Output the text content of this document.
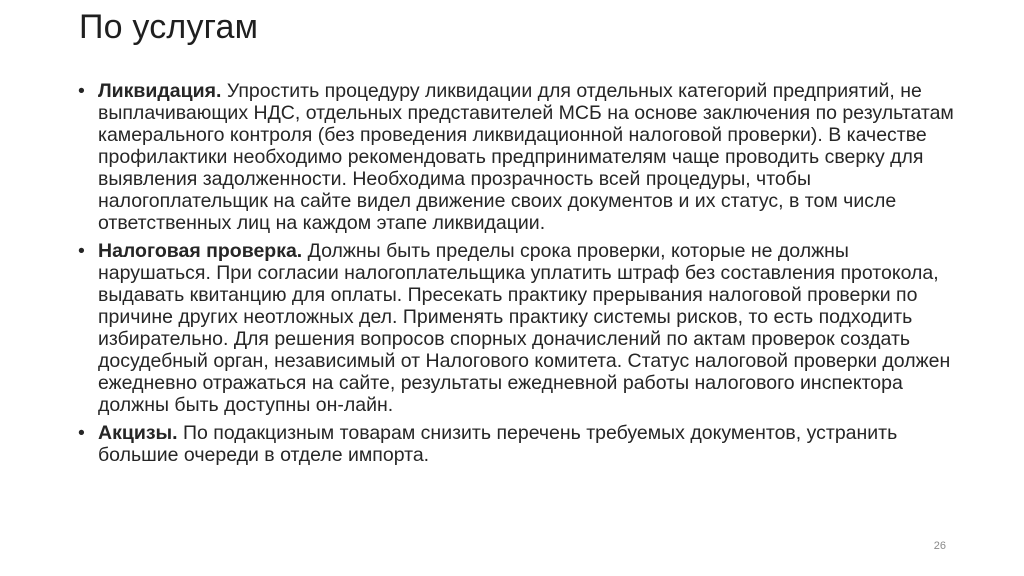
По услугам
• Ликвидация. Упростить процедуру ликвидации для отдельных категорий предприятий, не выплачивающих НДС, отдельных представителей МСБ на основе заключения по результатам камерального контроля (без проведения ликвидационной налоговой проверки). В качестве профилактики необходимо рекомендовать предпринимателям чаще проводить сверку для выявления задолженности. Необходима прозрачность всей процедуры, чтобы налогоплательщик на сайте видел движение своих документов и их статус, в том числе ответственных лиц на каждом этапе ликвидации.
• Налоговая проверка. Должны быть пределы срока проверки, которые не должны нарушаться. При согласии налогоплательщика уплатить штраф без составления протокола, выдавать квитанцию для оплаты. Пресекать практику прерывания налоговой проверки по причине других неотложных дел. Применять практику системы рисков, то есть подходить избирательно. Для решения вопросов спорных доначислений по актам проверок создать досудебный орган, независимый от Налогового комитета. Статус налоговой проверки должен ежедневно отражаться на сайте, результаты ежедневной работы налогового инспектора должны быть доступны он-лайн.
• Акцизы. По подакцизным товарам снизить перечень требуемых документов, устранить большие очереди в отделе импорта.
26
